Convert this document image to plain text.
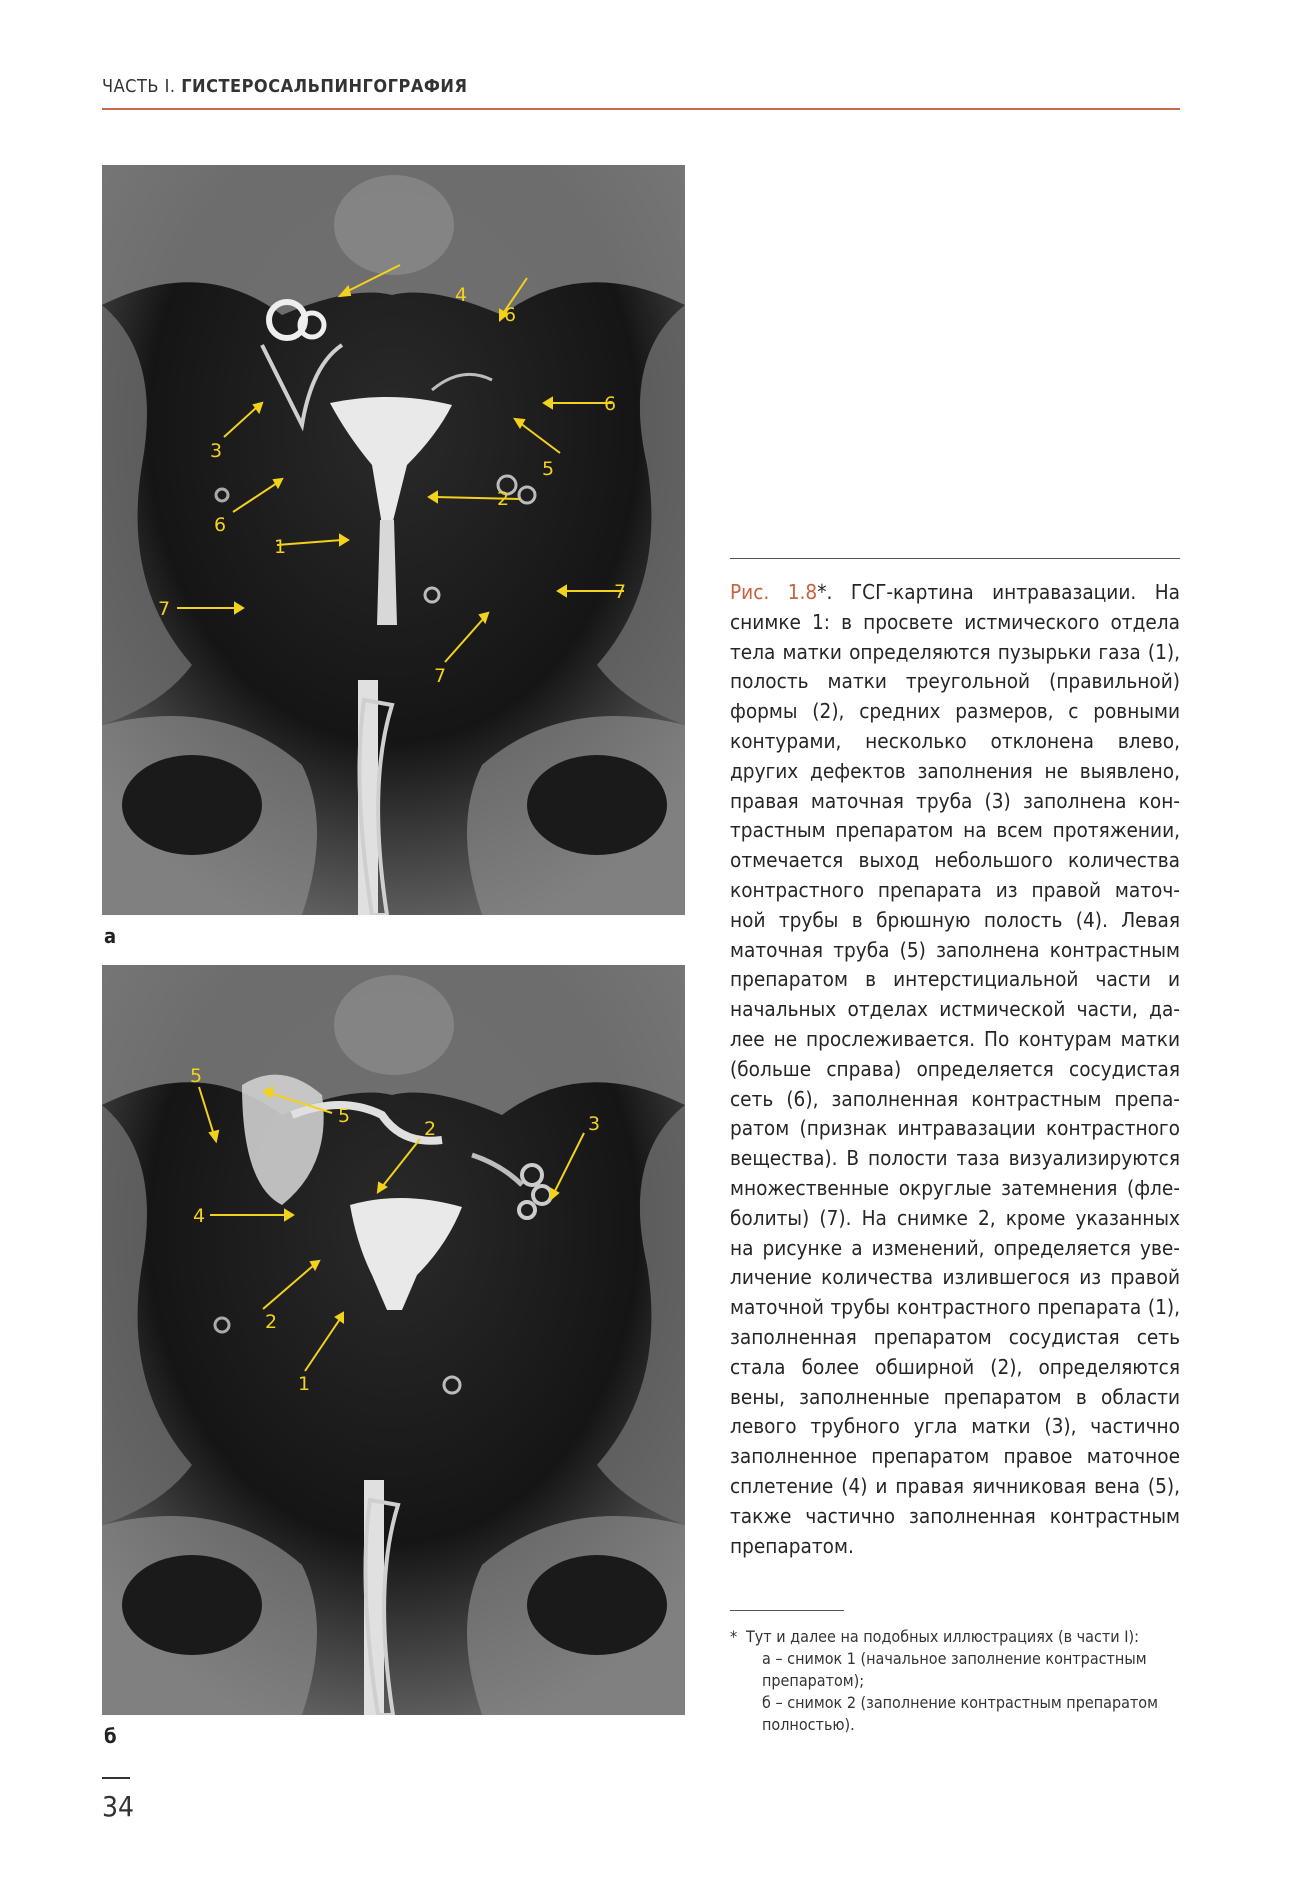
ЧАСТЬ I. ГИСТЕРОСАЛЬПИНГОГРАФИЯ
4
6
6
3
5
2
6
1
7
7
7
а
5
5
2	3
4
2
1
б
Рис. 1.8*. ГСГ-картина интравазации. На снимке 1: в просвете истмического отдела тела матки определяются пузырьки газа (1), полость матки треугольной (правильной) формы (2), средних размеров, с ровными контурами, несколько отклонена влево, других дефектов заполнения не выявлено, правая маточная труба (3) заполнена кон- трастным препаратом на всем протяжении, отмечается выход небольшого количества контрастного препарата из правой маточ- ной трубы в брюшную полость (4). Левая маточная труба (5) заполнена контрастным препаратом в интерстициальной части и начальных отделах истмической части, да- лее не прослеживается. По контурам матки (больше справа) определяется сосудистая сеть (6), заполненная контрастным препа- ратом (признак интравазации контрастного вещества). В полости таза визуализируются множественные округлые затемнения (фле- болиты) (7). На снимке 2, кроме указанных на рисунке а изменений, определяется уве- личение количества излившегося из правой маточной трубы контрастного препарата (1), заполненная препаратом сосудистая сеть стала более обширной (2), определяются вены, заполненные препаратом в области левого трубного угла матки (3), частично заполненное препаратом правое маточное сплетение (4) и правая яичниковая вена (5), также частично заполненная контрастным препаратом.
* Тут и далее на подобных иллюстрациях (в части I):
а – снимок 1 (начальное заполнение контрастным
препаратом);
б – снимок 2 (заполнение контрастным препаратом
полностью).
34
